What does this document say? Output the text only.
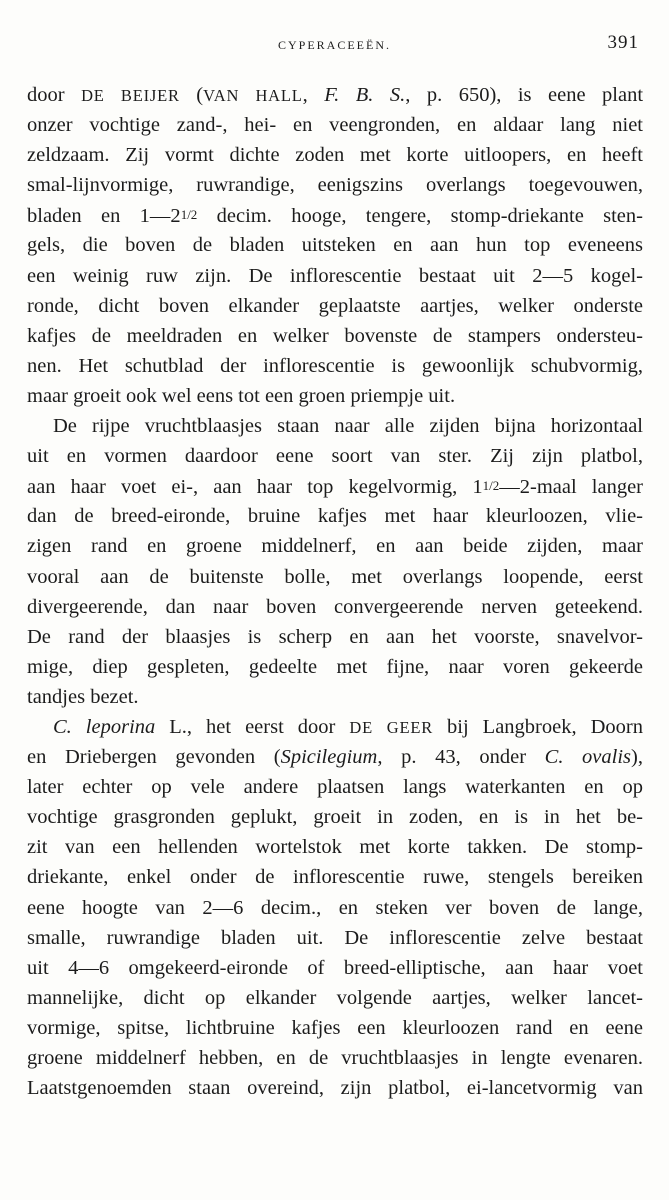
CYPERACEEËN.	391
door DE BEIJER (VAN HALL, F. B. S., p. 650), is eene plant
onzer vochtige zand-, hei- en veengronden, en aldaar lang niet
zeldzaam. Zij vormt dichte zoden met korte uitloopers, en heeft
smal-lijnvormige, ruwrandige, eenigszins overlangs toegevouwen,
bladen en 1—21/2 decim. hooge, tengere, stomp-driekante sten-
gels, die boven de bladen uitsteken en aan hun top eveneens
een weinig ruw zijn. De inflorescentie bestaat uit 2—5 kogel-
ronde, dicht boven elkander geplaatste aartjes, welker onderste
kafjes de meeldraden en welker bovenste de stampers ondersteu-
nen. Het schutblad der inflorescentie is gewoonlijk schubvormig,
maar groeit ook wel eens tot een groen priempje uit.
De rijpe vruchtblaasjes staan naar alle zijden bijna horizontaal
uit en vormen daardoor eene soort van ster. Zij zijn platbol,
aan haar voet ei-, aan haar top kegelvormig, 11/2—2-maal langer
dan de breed-eironde, bruine kafjes met haar kleurloozen, vlie-
zigen rand en groene middelnerf, en aan beide zijden, maar
vooral aan de buitenste bolle, met overlangs loopende, eerst
divergeerende, dan naar boven convergeerende nerven geteekend.
De rand der blaasjes is scherp en aan het voorste, snavelvor-
mige, diep gespleten, gedeelte met fijne, naar voren gekeerde
tandjes bezet.
C. leporina L., het eerst door DE GEER bij Langbroek, Doorn
en Driebergen gevonden (Spicilegium, p. 43, onder C. ovalis),
later echter op vele andere plaatsen langs waterkanten en op
vochtige grasgronden geplukt, groeit in zoden, en is in het be-
zit van een hellenden wortelstok met korte takken. De stomp-
driekante, enkel onder de inflorescentie ruwe, stengels bereiken
eene hoogte van 2—6 decim., en steken ver boven de lange,
smalle, ruwrandige bladen uit. De inflorescentie zelve bestaat
uit 4—6 omgekeerd-eironde of breed-elliptische, aan haar voet
mannelijke, dicht op elkander volgende aartjes, welker lancet-
vormige, spitse, lichtbruine kafjes een kleurloozen rand en eene
groene middelnerf hebben, en de vruchtblaasjes in lengte evenaren.
Laatstgenoemden staan overeind, zijn platbol, ei-lancetvormig van
